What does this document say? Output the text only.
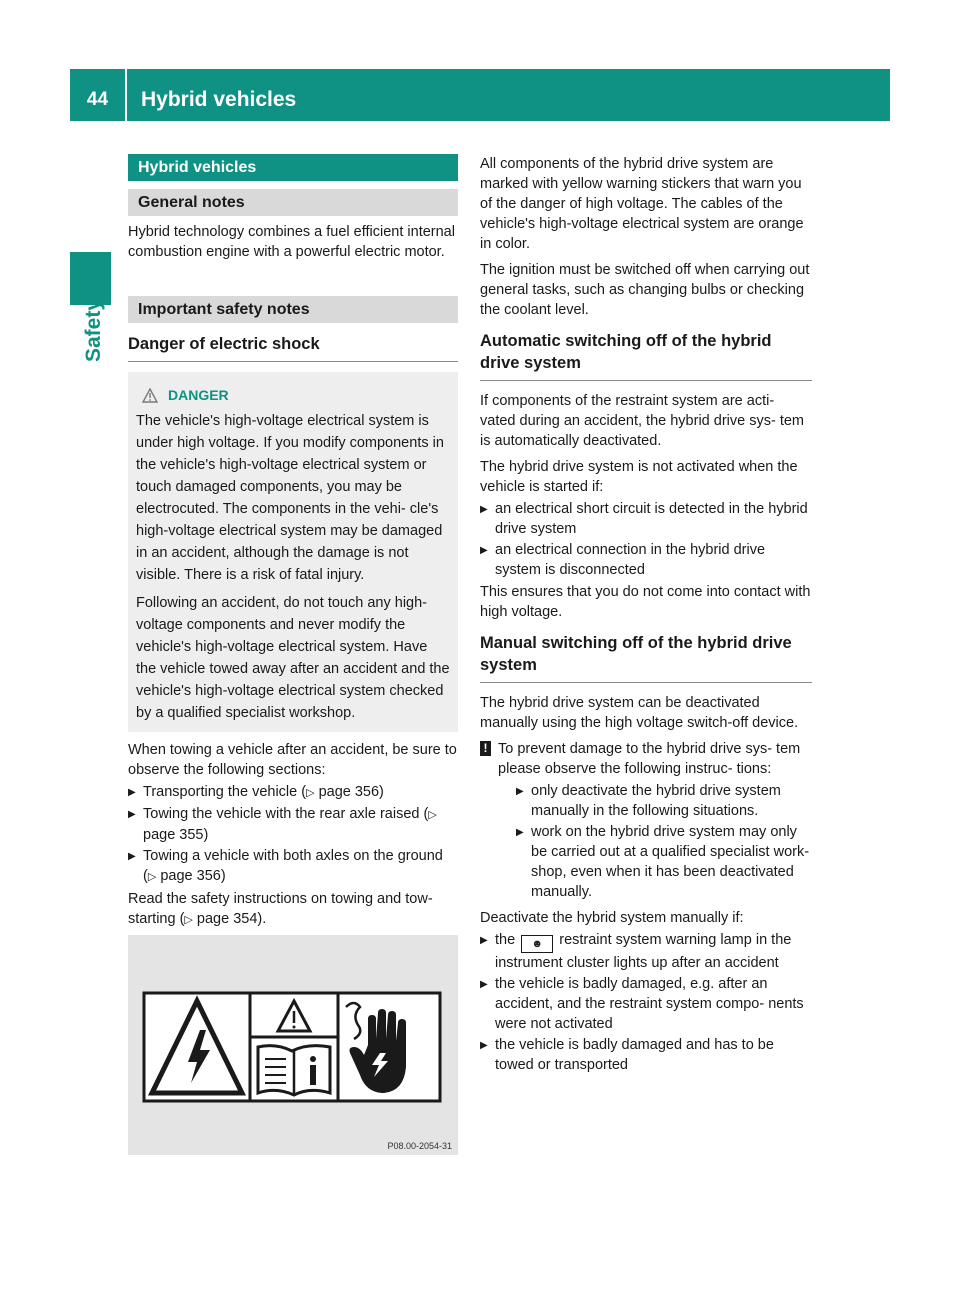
44	Hybrid vehicles
Safety
Hybrid vehicles
General notes

Hybrid technology combines a fuel efficient internal combustion engine with a powerful electric motor.

Important safety notes
Danger of electric shock
DANGER

The vehicle's high-voltage electrical system is under high voltage. If you modify components in the vehicle's high-voltage electrical system or touch damaged components, you may be electrocuted. The components in the vehi- cle's high-voltage electrical system may be damaged in an accident, although the damage is not visible. There is a risk of fatal injury.

Following an accident, do not touch any high- voltage components and never modify the vehicle's high-voltage electrical system. Have the vehicle towed away after an accident and the vehicle's high-voltage electrical system checked by a qualified specialist workshop.

When towing a vehicle after an accident, be sure to observe the following sections:

▶ Transporting the vehicle (▷ page 356)
▶ Towing the vehicle with the rear axle raised (▷ page 355)
▶ Towing a vehicle with both axles on the ground (▷ page 356)

Read the safety instructions on towing and tow- starting (▷ page 354).

P08.00-2054-31

All components of the hybrid drive system are marked with yellow warning stickers that warn you of the danger of high voltage. The cables of the vehicle's high-voltage electrical system are orange in color.

The ignition must be switched off when carrying out general tasks, such as changing bulbs or checking the coolant level.

Automatic switching off of the hybrid drive system

If components of the restraint system are acti- vated during an accident, the hybrid drive sys- tem is automatically deactivated.

The hybrid drive system is not activated when the vehicle is started if:

▶ an electrical short circuit is detected in the hybrid drive system
▶ an electrical connection in the hybrid drive system is disconnected

This ensures that you do not come into contact with high voltage.

Manual switching off of the hybrid drive system

The hybrid drive system can be deactivated manually using the high voltage switch-off device.

! To prevent damage to the hybrid drive sys- tem please observe the following instruc- tions:

▶ only deactivate the hybrid drive system manually in the following situations.
▶ work on the hybrid drive system may only be carried out at a qualified specialist work- shop, even when it has been deactivated manually.

Deactivate the hybrid system manually if:

▶ the ☻ restraint system warning lamp in the instrument cluster lights up after an accident
▶ the vehicle is badly damaged, e.g. after an accident, and the restraint system compo- nents were not activated
▶ the vehicle is badly damaged and has to be towed or transported
